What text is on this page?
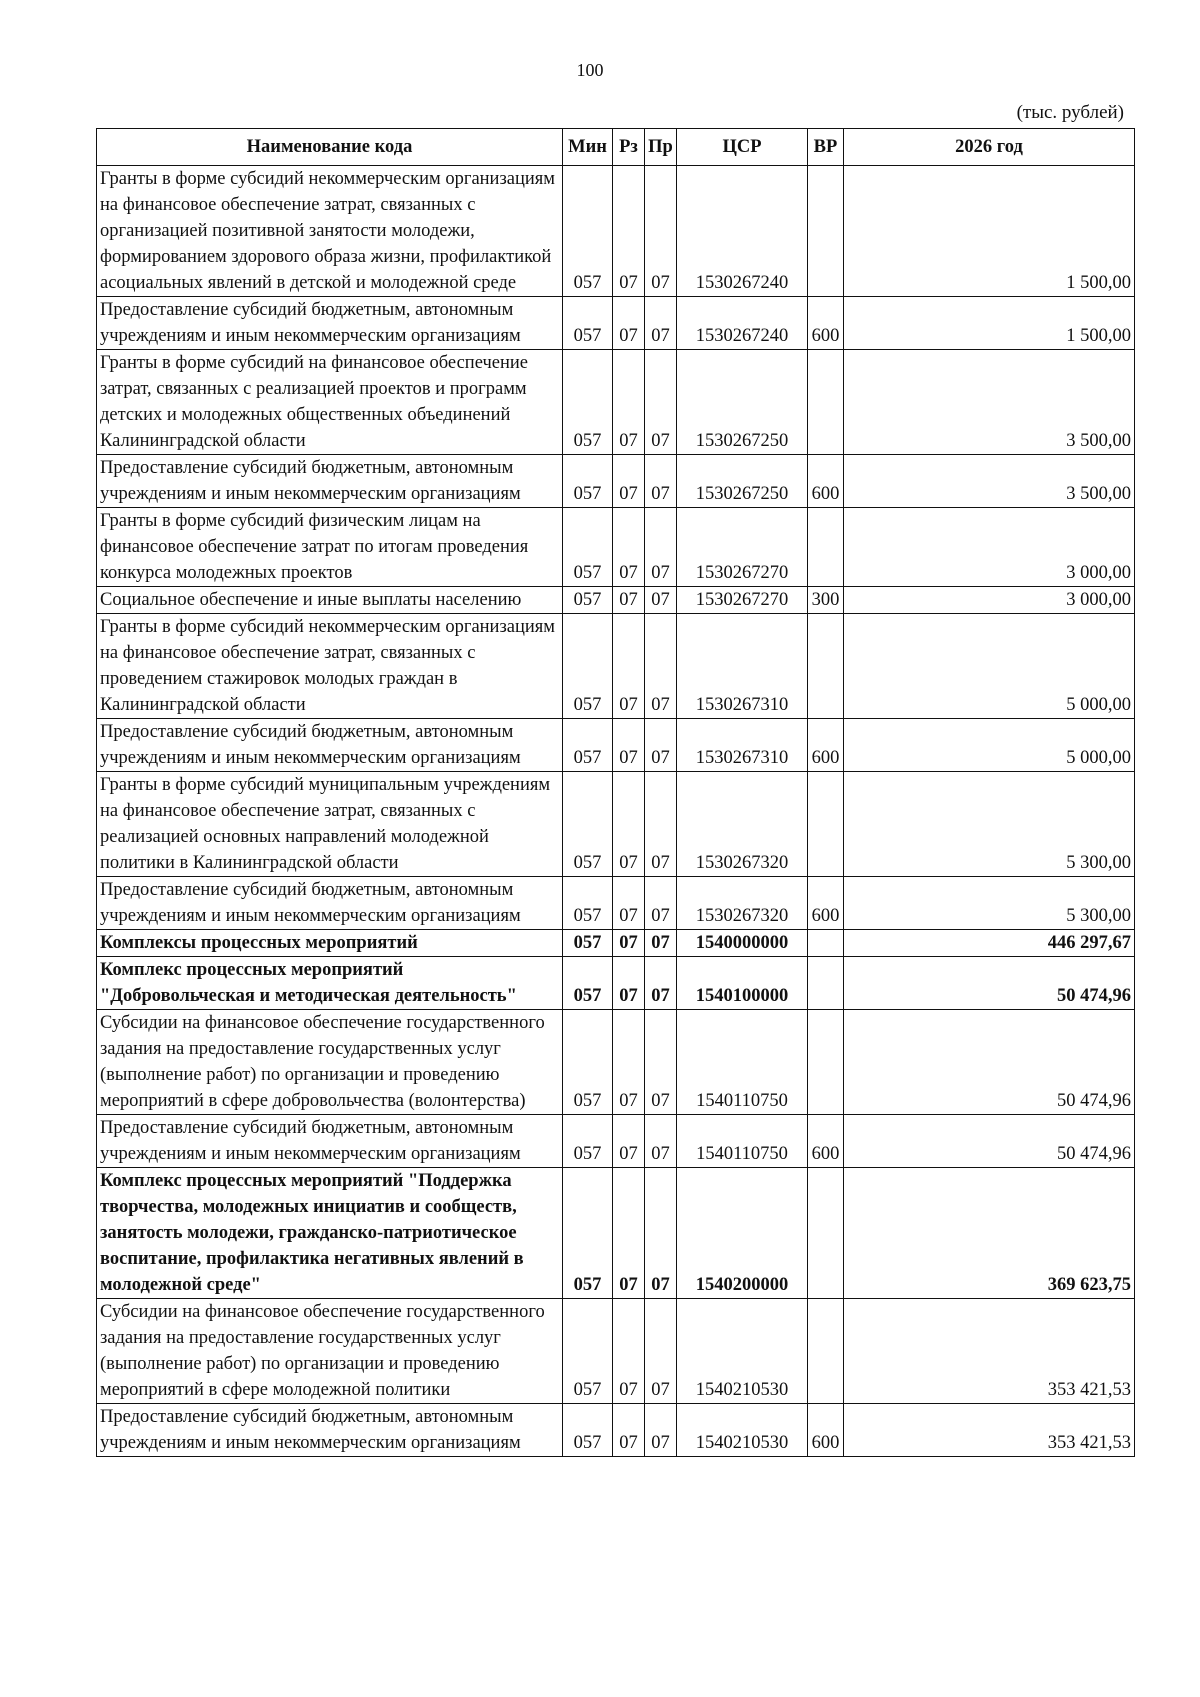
100
(тыс. рублей)
Наименование кода	Мин	Рз	Пр	ЦСР	ВР	2026 год
Гранты в форме субсидий некоммерческим организациям на финансовое обеспечение затрат, связанных с организацией позитивной занятости молодежи, формированием здорового образа жизни, профилактикой асоциальных явлений в детской и молодежной среде	057	07	07	1530267240		1 500,00
Предоставление субсидий бюджетным, автономным учреждениям и иным некоммерческим организациям	057	07	07	1530267240	600	1 500,00
Гранты в форме субсидий на финансовое обеспечение затрат, связанных с реализацией проектов и программ детских и молодежных общественных объединений Калининградской области	057	07	07	1530267250		3 500,00
Предоставление субсидий бюджетным, автономным учреждениям и иным некоммерческим организациям	057	07	07	1530267250	600	3 500,00
Гранты в форме субсидий физическим лицам на финансовое обеспечение затрат по итогам проведения конкурса молодежных проектов	057	07	07	1530267270		3 000,00
Социальное обеспечение и иные выплаты населению	057	07	07	1530267270	300	3 000,00
Гранты в форме субсидий некоммерческим организациям на финансовое обеспечение затрат, связанных с проведением стажировок молодых граждан в Калининградской области	057	07	07	1530267310		5 000,00
Предоставление субсидий бюджетным, автономным учреждениям и иным некоммерческим организациям	057	07	07	1530267310	600	5 000,00
Гранты в форме субсидий муниципальным учреждениям на финансовое обеспечение затрат, связанных с реализацией основных направлений молодежной политики в Калининградской области	057	07	07	1530267320		5 300,00
Предоставление субсидий бюджетным, автономным учреждениям и иным некоммерческим организациям	057	07	07	1530267320	600	5 300,00
Комплексы процессных мероприятий	057	07	07	1540000000		446 297,67
Комплекс процессных мероприятий "Добровольческая и методическая деятельность"	057	07	07	1540100000		50 474,96
Субсидии на финансовое обеспечение государственного задания на предоставление государственных услуг (выполнение работ) по организации и проведению мероприятий в сфере добровольчества (волонтерства)	057	07	07	1540110750		50 474,96
Предоставление субсидий бюджетным, автономным учреждениям и иным некоммерческим организациям	057	07	07	1540110750	600	50 474,96
Комплекс процессных мероприятий "Поддержка творчества, молодежных инициатив и сообществ, занятость молодежи, гражданско-патриотическое воспитание, профилактика негативных явлений в молодежной среде"	057	07	07	1540200000		369 623,75
Субсидии на финансовое обеспечение государственного задания на предоставление государственных услуг (выполнение работ) по организации и проведению мероприятий в сфере молодежной политики	057	07	07	1540210530		353 421,53
Предоставление субсидий бюджетным, автономным учреждениям и иным некоммерческим организациям	057	07	07	1540210530	600	353 421,53
